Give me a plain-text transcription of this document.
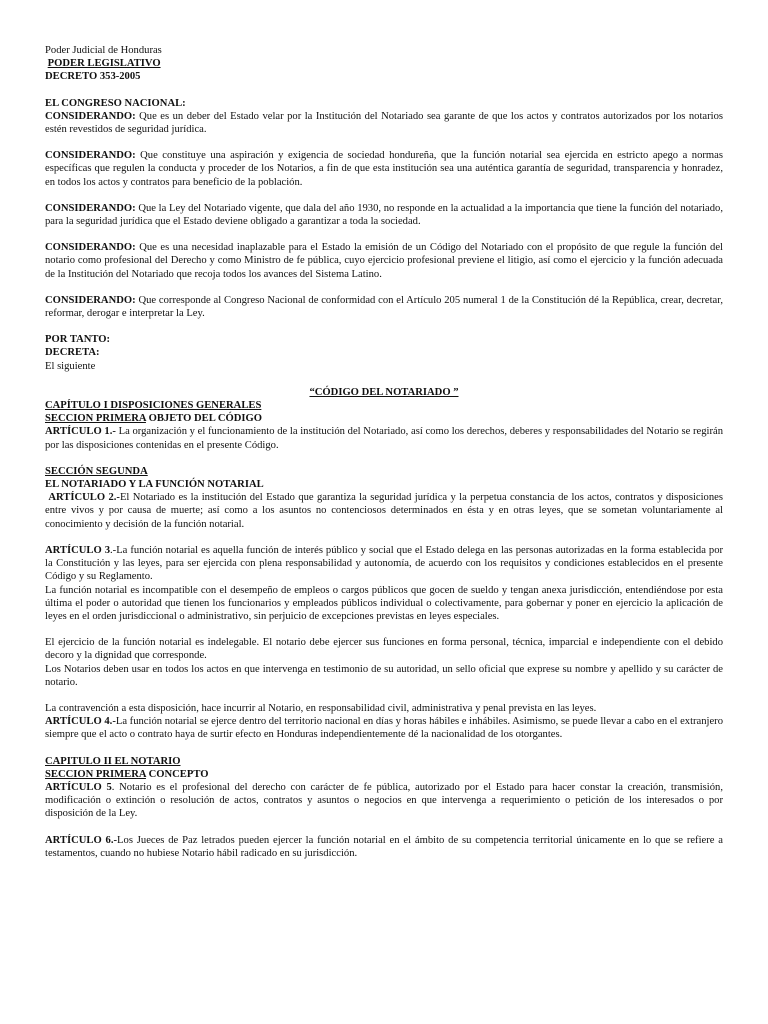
Poder Judicial de Honduras

PODER LEGISLATIVO

DECRETO 353-2005

EL CONGRESO NACIONAL:

CONSIDERANDO: Que es un deber del Estado velar por la Institución del Notariado sea garante de que los actos y contratos autorizados por los notarios estén revestidos de seguridad jurídica.

CONSIDERANDO: Que constituye una aspiración y exigencia de sociedad hondureña, que la función notarial sea ejercida en estricto apego a normas específicas que regulen la conducta y proceder de los Notarios, a fin de que esta institución sea una auténtica garantía de seguridad, transparencia y honradez, en todos los actos y contratos para beneficio de la población.

CONSIDERANDO: Que la Ley del Notariado vigente, que dala del año 1930, no responde en la actualidad a la importancia que tiene la función del notariado, para la seguridad jurídica que el Estado deviene obligado a garantizar a toda la sociedad.

CONSIDERANDO: Que es una necesidad inaplazable para el Estado la emisión de un Código del Notariado con el propósito de que regule la función del notario como profesional del Derecho y como Ministro de fe pública, cuyo ejercicio profesional previene el litigio, así como el ejercicio y la función adecuada de la Institución del Notariado que recoja todos los avances del Sistema Latino.

CONSIDERANDO: Que corresponde al Congreso Nacional de conformidad con el Artículo 205 numeral 1 de la Constitución dé la República, crear, decretar, reformar, derogar e interpretar la Ley.

POR TANTO:

DECRETA:

El siguiente

“CÓDIGO DEL NOTARIADO ”

CAPÍTULO I DISPOSICIONES GENERALES

SECCION PRIMERA OBJETO DEL CÓDIGO

ARTÍCULO 1.- La organización y el funcionamiento de la institución del Notariado, así como los derechos, deberes y responsabilidades del Notario se regirán por las disposiciones contenidas en el presente Código.

SECCIÓN SEGUNDA

EL NOTARIADO Y LA FUNCIÓN NOTARIAL

ARTÍCULO 2.-El Notariado es la institución del Estado que garantiza la seguridad jurídica y la perpetua constancia de los actos, contratos y disposiciones entre vivos y por causa de muerte; así como a los asuntos no contenciosos determinados en ésta y en otras leyes, que se sometan voluntariamente al conocimiento y decisión de la función notarial.

ARTÍCULO 3.-La función notarial es aquella función de interés público y social que el Estado delega en las personas autorizadas en la forma establecida por la Constitución y las leyes, para ser ejercida con plena responsabilidad y autonomía, de acuerdo con los requisitos y condiciones establecidos en el presente Código y su Reglamento.

La función notarial es incompatible con el desempeño de empleos o cargos públicos que gocen de sueldo y tengan anexa jurisdicción, entendiéndose por esta última el poder o autoridad que tienen los funcionarios y empleados públicos individual o colectivamente, para gobernar y poner en ejercicio la aplicación de leyes en el orden jurisdiccional o administrativo, sin perjuicio de excepciones previstas en leyes especiales.

El ejercicio de la función notarial es indelegable. El notario debe ejercer sus funciones en forma personal, técnica, imparcial e independiente con el debido decoro y la dignidad que corresponde.

Los Notarios deben usar en todos los actos en que intervenga en testimonio de su autoridad, un sello oficial que exprese su nombre y apellido y su carácter de notario.

La contravención a esta disposición, hace incurrir al Notario, en responsabilidad civil, administrativa y penal prevista en las leyes.

ARTÍCULO 4.-La función notarial se ejerce dentro del territorio nacional en días y horas hábiles e inhábiles. Asimismo, se puede llevar a cabo en el extranjero siempre que el acto o contrato haya de surtir efecto en Honduras independientemente dé la nacionalidad de los otorgantes.

CAPITULO II EL NOTARIO

SECCION PRIMERA CONCEPTO

ARTÍCULO 5. Notario es el profesional del derecho con carácter de fe pública, autorizado por el Estado para hacer constar la creación, transmisión, modificación o extinción o resolución de actos, contratos y asuntos o negocios en que intervenga a requerimiento o petición de los interesados o por disposición de la Ley.

ARTÍCULO 6.-Los Jueces de Paz letrados pueden ejercer la función notarial en el ámbito de su competencia territorial únicamente en lo que se refiere a testamentos, cuando no hubiese Notario hábil radicado en su jurisdicción.
